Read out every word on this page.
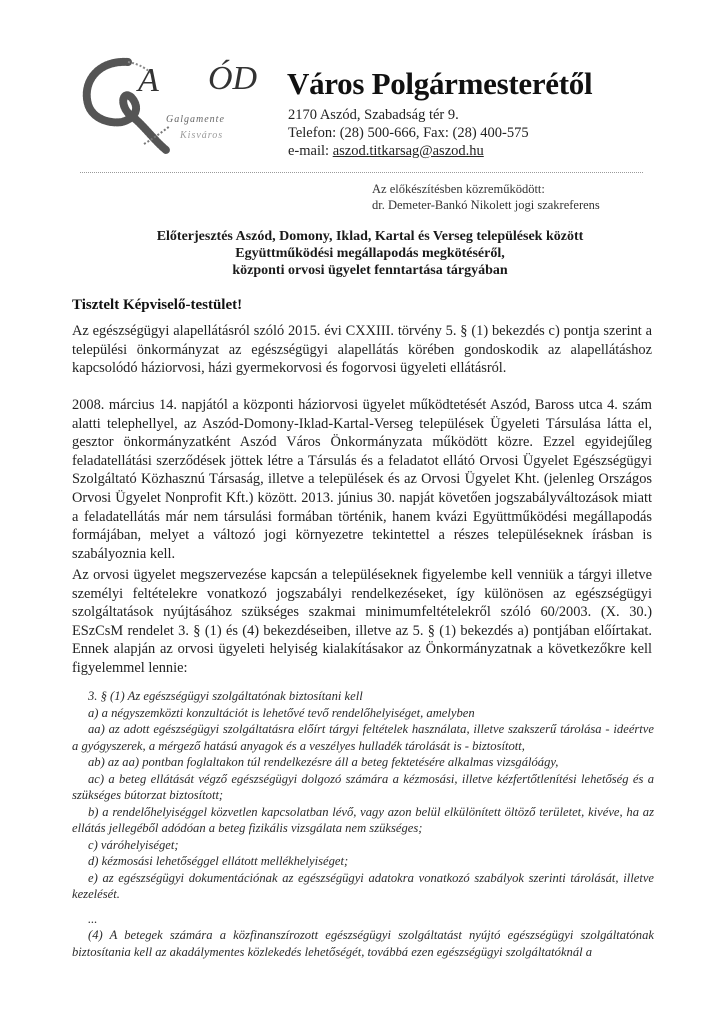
A ÓD
Galgamente
Kisváros
Város Polgármesterétől
2170 Aszód, Szabadság tér 9.
Telefon: (28) 500-666, Fax: (28) 400-575
e-mail: aszod.titkarsag@aszod.hu
Az előkészítésben közreműködött:
dr. Demeter-Bankó Nikolett jogi szakreferens
Előterjesztés Aszód, Domony, Iklad, Kartal és Verseg települések között
Együttműködési megállapodás megkötéséről,
központi orvosi ügyelet fenntartása tárgyában
Tisztelt Képviselő-testület!
Az egészségügyi alapellátásról szóló 2015. évi CXXIII. törvény 5. § (1) bekezdés c) pontja szerint a települési önkormányzat az egészségügyi alapellátás körében gondoskodik az alapellátáshoz kapcsolódó háziorvosi, házi gyermekorvosi és fogorvosi ügyeleti ellátásról.
2008. március 14. napjától a központi háziorvosi ügyelet működtetését Aszód, Baross utca 4. szám alatti telephellyel, az Aszód-Domony-Iklad-Kartal-Verseg települések Ügyeleti Társulása látta el, gesztor önkormányzatként Aszód Város Önkormányzata működött közre. Ezzel egyidejűleg feladatellátási szerződések jöttek létre a Társulás és a feladatot ellátó Orvosi Ügyelet Egészségügyi Szolgáltató Közhasznú Társaság, illetve a települések és az Orvosi Ügyelet Kht. (jelenleg Országos Orvosi Ügyelet Nonprofit Kft.) között. 2013. június 30. napját követően jogszabályváltozások miatt a feladatellátás már nem társulási formában történik, hanem kvázi Együttműködési megállapodás formájában, melyet a változó jogi környezetre tekintettel a részes településeknek írásban is szabályoznia kell.
Az orvosi ügyelet megszervezése kapcsán a településeknek figyelembe kell venniük a tárgyi illetve személyi feltételekre vonatkozó jogszabályi rendelkezéseket, így különösen az egészségügyi szolgáltatások nyújtásához szükséges szakmai minimumfeltételekről szóló 60/2003. (X. 30.) ESzCsM rendelet 3. § (1) és (4) bekezdéseiben, illetve az 5. § (1) bekezdés a) pontjában előírtakat. Ennek alapján az orvosi ügyeleti helyiség kialakításakor az Önkormányzatnak a következőkre kell figyelemmel lennie:

3. § (1) Az egészségügyi szolgáltatónak biztosítani kell

a) a négyszemközti konzultációt is lehetővé tevő rendelőhelyiséget, amelyben

aa) az adott egészségügyi szolgáltatásra előírt tárgyi feltételek használata, illetve szakszerű tárolása - ideértve a gyógyszerek, a mérgező hatású anyagok és a veszélyes hulladék tárolását is - biztosított,

ab) az aa) pontban foglaltakon túl rendelkezésre áll a beteg fektetésére alkalmas vizsgálóágy,

ac) a beteg ellátását végző egészségügyi dolgozó számára a kézmosási, illetve kézfertőtlenítési lehetőség és a szükséges bútorzat biztosított;

b) a rendelőhelyiséggel közvetlen kapcsolatban lévő, vagy azon belül elkülönített öltöző területet, kivéve, ha az ellátás jellegéből adódóan a beteg fizikális vizsgálata nem szükséges;

c) váróhelyiséget;

d) kézmosási lehetőséggel ellátott mellékhelyiséget;

e) az egészségügyi dokumentációnak az egészségügyi adatokra vonatkozó szabályok szerinti tárolását, illetve kezelését.

...

(4) A betegek számára a közfinanszírozott egészségügyi szolgáltatást nyújtó egészségügyi szolgáltatónak biztosítania kell az akadálymentes közlekedés lehetőségét, továbbá ezen egészségügyi szolgáltatóknál a
